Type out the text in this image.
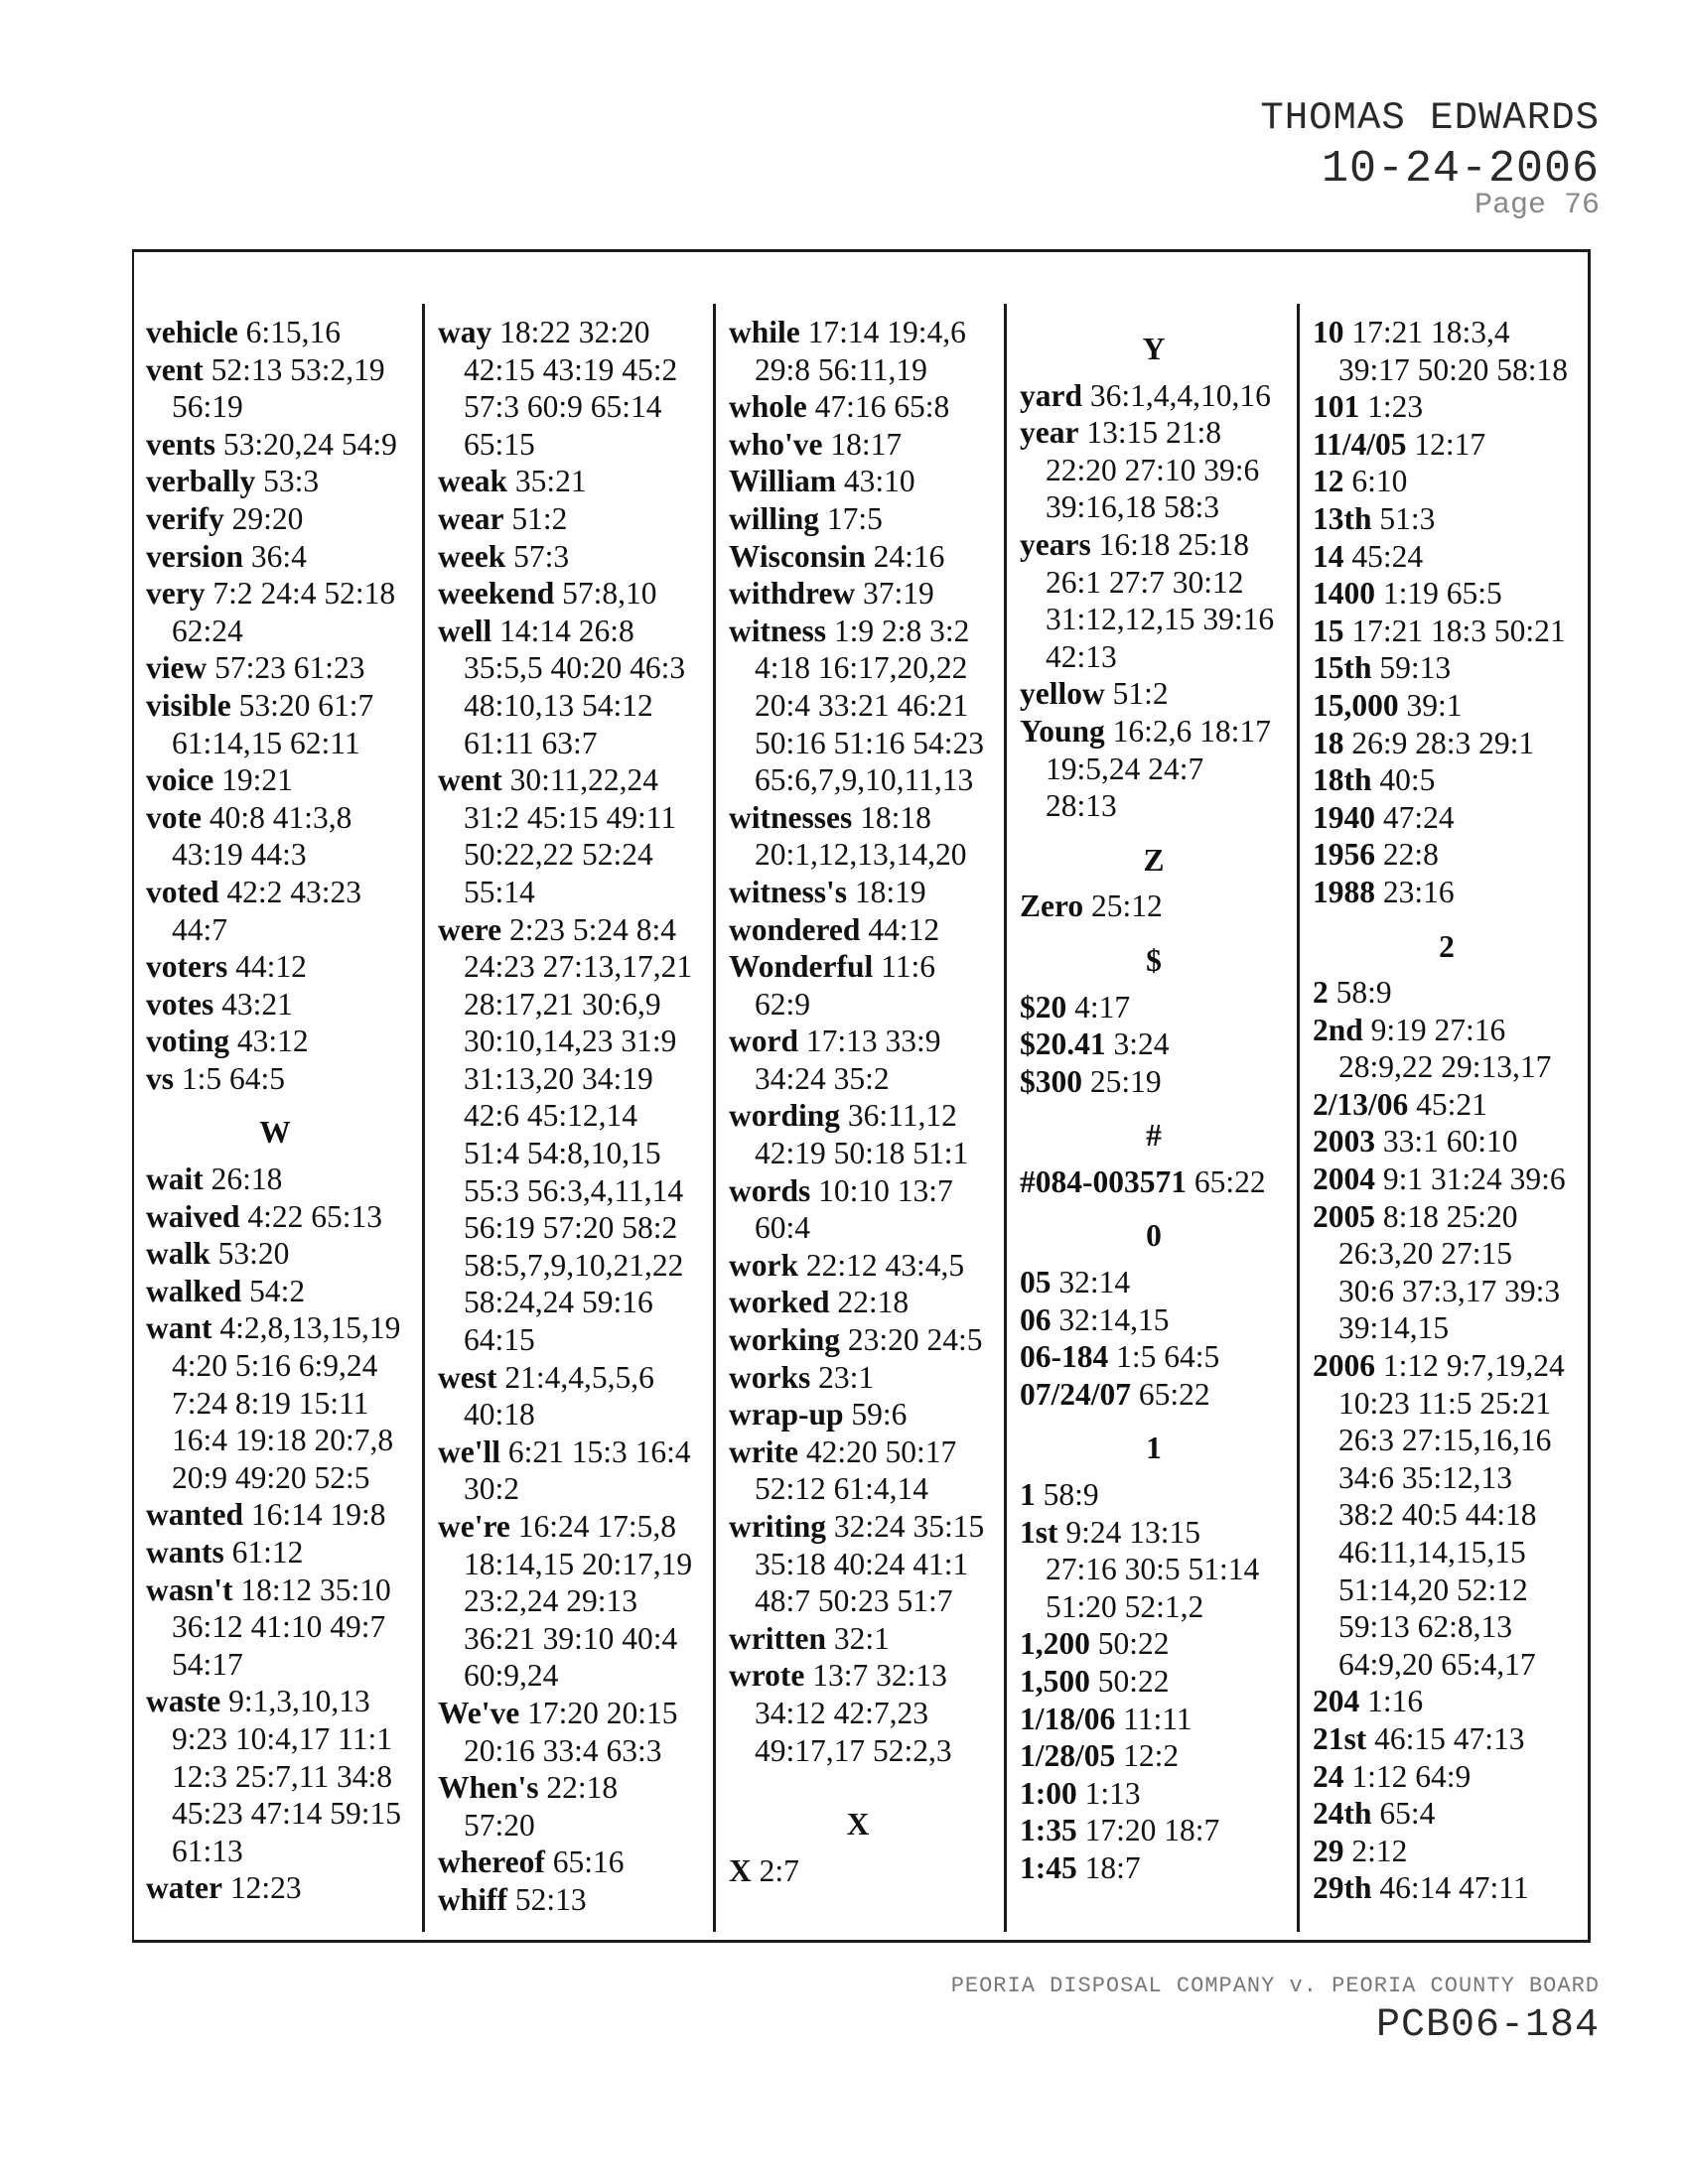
THOMAS EDWARDS
10-24-2006
Page 76
vehicle 6:15,16
vent 52:13 53:2,19
56:19
vents 53:20,24 54:9
verbally 53:3
verify 29:20
version 36:4
very 7:2 24:4 52:18
62:24
view 57:23 61:23
visible 53:20 61:7
61:14,15 62:11
voice 19:21
vote 40:8 41:3,8
43:19 44:3
voted 42:2 43:23
44:7
voters 44:12
votes 43:21
voting 43:12
vs 1:5 64:5
W
wait 26:18
waived 4:22 65:13
walk 53:20
walked 54:2
want 4:2,8,13,15,19
4:20 5:16 6:9,24
7:24 8:19 15:11
16:4 19:18 20:7,8
20:9 49:20 52:5
wanted 16:14 19:8
wants 61:12
wasn't 18:12 35:10
36:12 41:10 49:7
54:17
waste 9:1,3,10,13
9:23 10:4,17 11:1
12:3 25:7,11 34:8
45:23 47:14 59:15
61:13
water 12:23
way 18:22 32:20
42:15 43:19 45:2
57:3 60:9 65:14
65:15
weak 35:21
wear 51:2
week 57:3
weekend 57:8,10
well 14:14 26:8
35:5,5 40:20 46:3
48:10,13 54:12
61:11 63:7
went 30:11,22,24
31:2 45:15 49:11
50:22,22 52:24
55:14
were 2:23 5:24 8:4
24:23 27:13,17,21
28:17,21 30:6,9
30:10,14,23 31:9
31:13,20 34:19
42:6 45:12,14
51:4 54:8,10,15
55:3 56:3,4,11,14
56:19 57:20 58:2
58:5,7,9,10,21,22
58:24,24 59:16
64:15
west 21:4,4,5,5,6
40:18
we'll 6:21 15:3 16:4
30:2
we're 16:24 17:5,8
18:14,15 20:17,19
23:2,24 29:13
36:21 39:10 40:4
60:9,24
We've 17:20 20:15
20:16 33:4 63:3
When's 22:18
57:20
whereof 65:16
whiff 52:13
while 17:14 19:4,6
29:8 56:11,19
whole 47:16 65:8
who've 18:17
William 43:10
willing 17:5
Wisconsin 24:16
withdrew 37:19
witness 1:9 2:8 3:2
4:18 16:17,20,22
20:4 33:21 46:21
50:16 51:16 54:23
65:6,7,9,10,11,13
witnesses 18:18
20:1,12,13,14,20
witness's 18:19
wondered 44:12
Wonderful 11:6
62:9
word 17:13 33:9
34:24 35:2
wording 36:11,12
42:19 50:18 51:1
words 10:10 13:7
60:4
work 22:12 43:4,5
worked 22:18
working 23:20 24:5
works 23:1
wrap-up 59:6
write 42:20 50:17
52:12 61:4,14
writing 32:24 35:15
35:18 40:24 41:1
48:7 50:23 51:7
written 32:1
wrote 13:7 32:13
34:12 42:7,23
49:17,17 52:2,3
X
X 2:7
Y
yard 36:1,4,4,10,16
year 13:15 21:8
22:20 27:10 39:6
39:16,18 58:3
years 16:18 25:18
26:1 27:7 30:12
31:12,12,15 39:16
42:13
yellow 51:2
Young 16:2,6 18:17
19:5,24 24:7
28:13
Z
Zero 25:12
$
$20 4:17
$20.41 3:24
$300 25:19
#
#084-003571 65:22
0
05 32:14
06 32:14,15
06-184 1:5 64:5
07/24/07 65:22
1
1 58:9
1st 9:24 13:15
27:16 30:5 51:14
51:20 52:1,2
1,200 50:22
1,500 50:22
1/18/06 11:11
1/28/05 12:2
1:00 1:13
1:35 17:20 18:7
1:45 18:7
10 17:21 18:3,4
39:17 50:20 58:18
101 1:23
11/4/05 12:17
12 6:10
13th 51:3
14 45:24
1400 1:19 65:5
15 17:21 18:3 50:21
15th 59:13
15,000 39:1
18 26:9 28:3 29:1
18th 40:5
1940 47:24
1956 22:8
1988 23:16
2
2 58:9
2nd 9:19 27:16
28:9,22 29:13,17
2/13/06 45:21
2003 33:1 60:10
2004 9:1 31:24 39:6
2005 8:18 25:20
26:3,20 27:15
30:6 37:3,17 39:3
39:14,15
2006 1:12 9:7,19,24
10:23 11:5 25:21
26:3 27:15,16,16
34:6 35:12,13
38:2 40:5 44:18
46:11,14,15,15
51:14,20 52:12
59:13 62:8,13
64:9,20 65:4,17
204 1:16
21st 46:15 47:13
24 1:12 64:9
24th 65:4
29 2:12
29th 46:14 47:11
PEORIA DISPOSAL COMPANY v. PEORIA COUNTY BOARD
PCB06-184
